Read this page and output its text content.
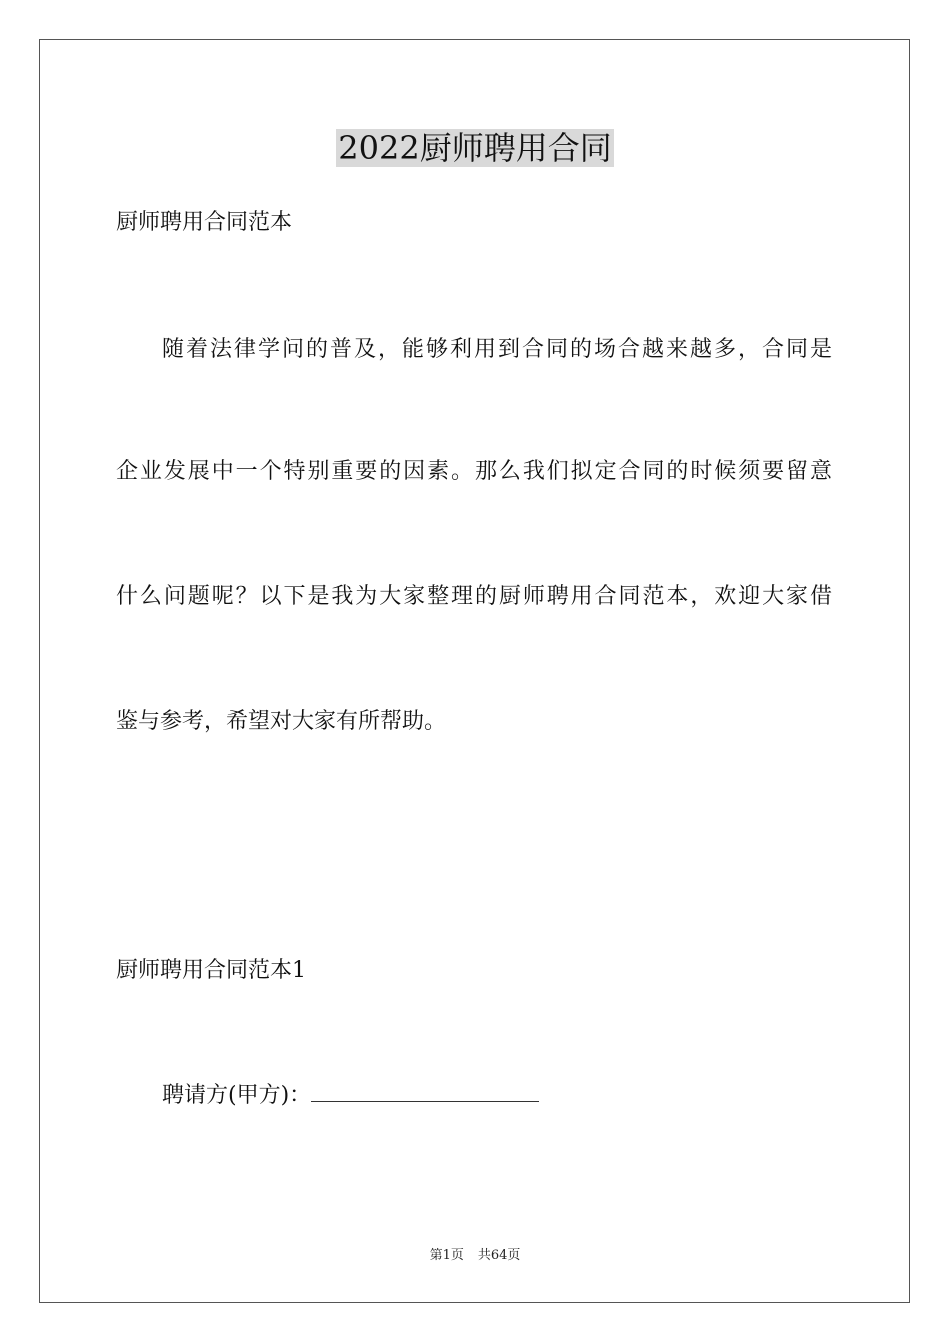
2022厨师聘用合同
厨师聘用合同范本
随着法律学问的普及，能够利用到合同的场合越来越多，合同是
企业发展中一个特别重要的因素。那么我们拟定合同的时候须要留意
什么问题呢？以下是我为大家整理的厨师聘用合同范本，欢迎大家借
鉴与参考，希望对大家有所帮助。
厨师聘用合同范本1
聘请方(甲方)：
第1页 共64页
